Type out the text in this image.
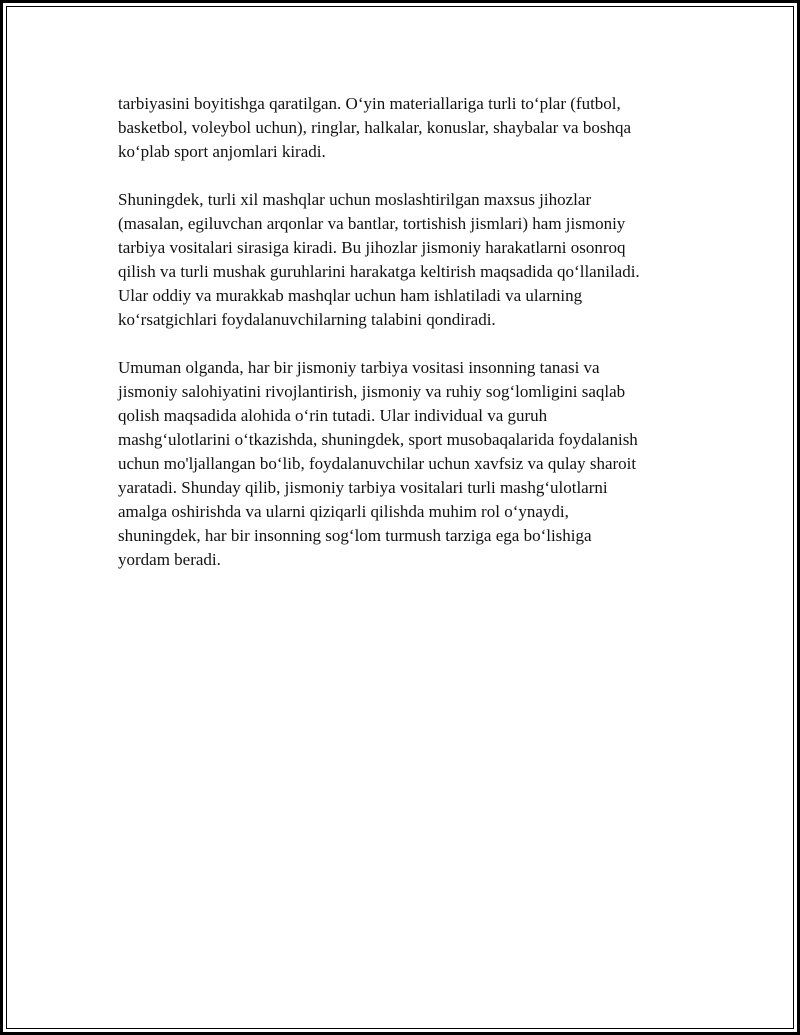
tarbiyasini boyitishga qaratilgan. O‘yin materiallariga turli to‘plar (futbol,
basketbol, voleybol uchun), ringlar, halkalar, konuslar, shaybalar va boshqa
ko‘plab sport anjomlari kiradi.

Shuningdek, turli xil mashqlar uchun moslashtirilgan maxsus jihozlar
(masalan, egiluvchan arqonlar va bantlar, tortishish jismlari) ham jismoniy
tarbiya vositalari sirasiga kiradi. Bu jihozlar jismoniy harakatlarni osonroq
qilish va turli mushak guruhlarini harakatga keltirish maqsadida qo‘llaniladi.
Ular oddiy va murakkab mashqlar uchun ham ishlatiladi va ularning
ko‘rsatgichlari foydalanuvchilarning talabini qondiradi.

Umuman olganda, har bir jismoniy tarbiya vositasi insonning tanasi va
jismoniy salohiyatini rivojlantirish, jismoniy va ruhiy sog‘lomligini saqlab
qolish maqsadida alohida o‘rin tutadi. Ular individual va guruh
mashg‘ulotlarini o‘tkazishda, shuningdek, sport musobaqalarida foydalanish
uchun mo'ljallangan bo‘lib, foydalanuvchilar uchun xavfsiz va qulay sharoit
yaratadi. Shunday qilib, jismoniy tarbiya vositalari turli mashg‘ulotlarni
amalga oshirishda va ularni qiziqarli qilishda muhim rol o‘ynaydi,
shuningdek, har bir insonning sog‘lom turmush tarziga ega bo‘lishiga
yordam beradi.
